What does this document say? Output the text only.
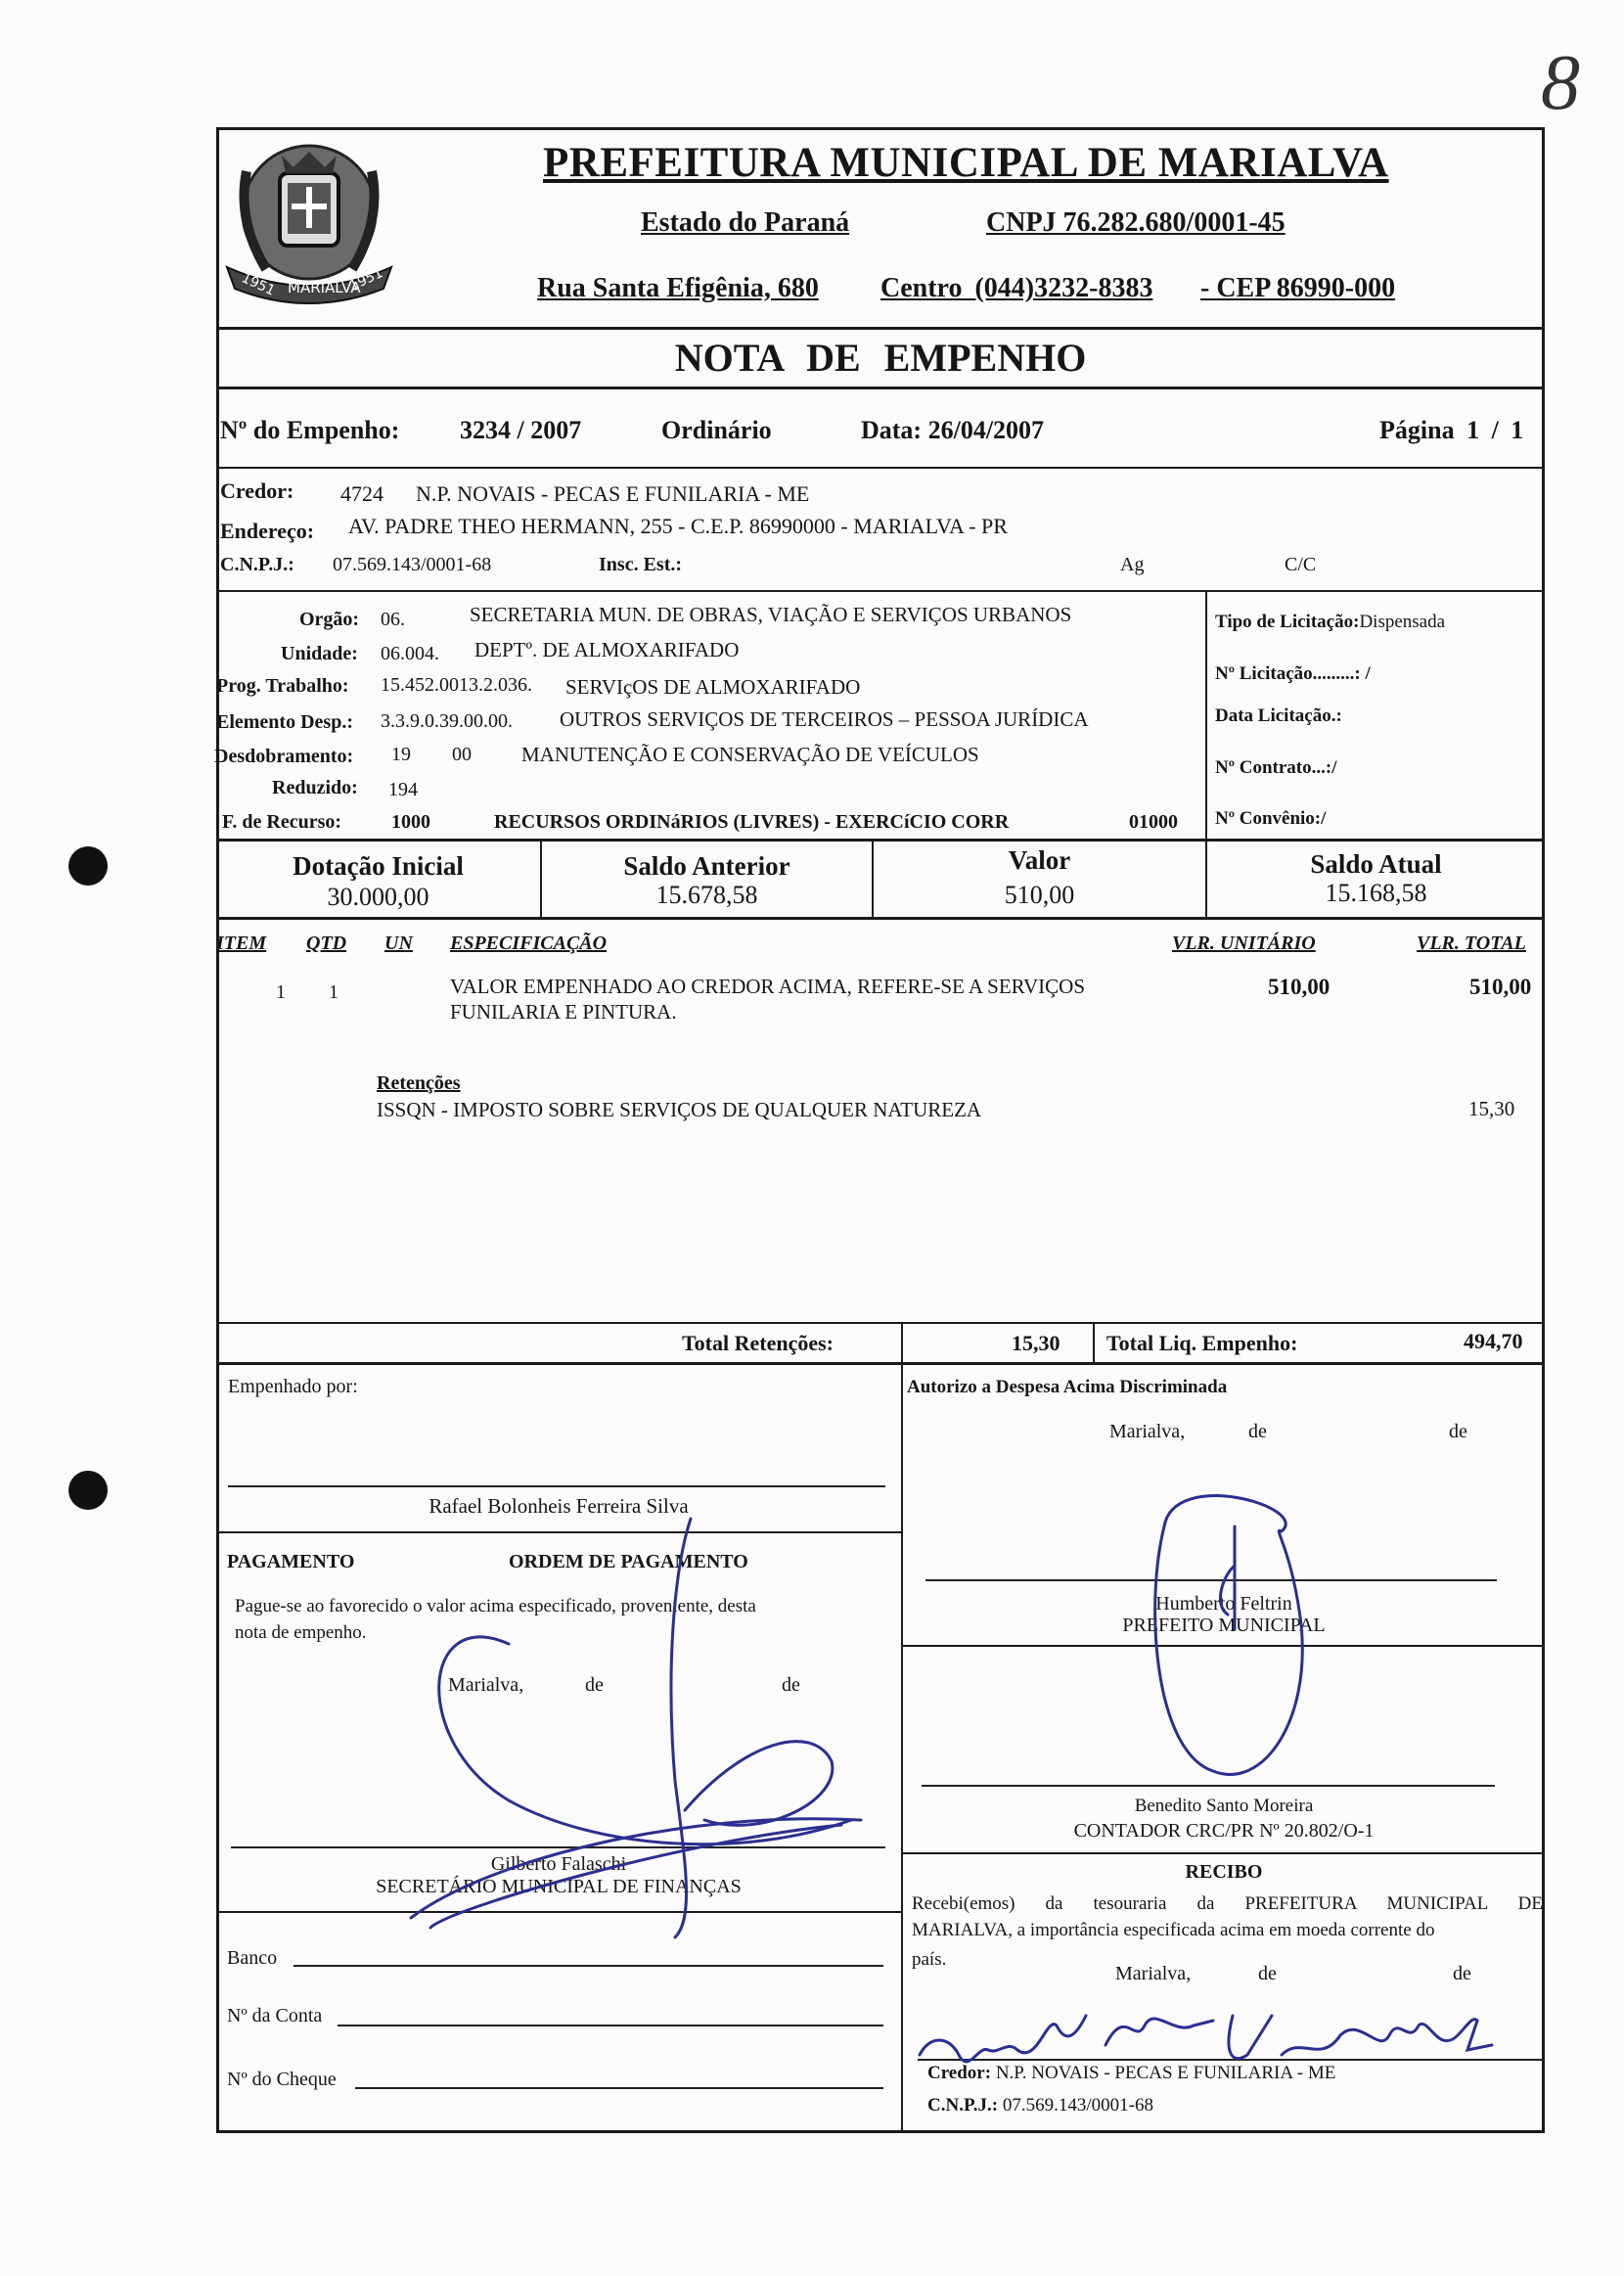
8
1951 MARIALVA
1951
PREFEITURA MUNICIPAL DE MARIALVA
Estado do Paraná	CNPJ 76.282.680/0001-45
Rua Santa Efigênia, 680 Centro (044)3232-8383 - CEP 86990-000
NOTA DE EMPENHO
Nº do Empenho: 3234 / 2007	Ordinário	Data: 26/04/2007	Página 1 / 1
Credor: 4724 N.P. NOVAIS - PECAS E FUNILARIA - ME
Endereço: AV. PADRE THEO HERMANN, 255 - C.E.P. 86990000 - MARIALVA - PR
C.N.P.J.: 07.569.143/0001-68	Insc. Est.:	Ag	C/C
Orgão: 06.	SECRETARIA MUN. DE OBRAS, VIAÇÃO E SERVIÇOS URBANOS
Unidade: 06.004. DEPTº. DE ALMOXARIFADO
Prog. Trabalho: 15.452.0013.2.036. SERVIçOS DE ALMOXARIFADO
Elemento Desp.: 3.3.9.0.39.00.00. OUTROS SERVIÇOS DE TERCEIROS – PESSOA JURÍDICA
Desdobramento: 19 00 MANUTENÇÃO E CONSERVAÇÃO DE VEÍCULOS
Reduzido: 194
F. de Recurso:	1000	RECURSOS ORDINáRIOS (LIVRES) - EXERCíCIO CORR	01000
Tipo de Licitação:Dispensada
Nº Licitação.........: /
Data Licitação.:
Nº Contrato...:/
Nº Convênio:/
Dotação Inicial
30.000,00
Saldo Anterior
15.678,58
Valor
510,00
Saldo Atual
15.168,58
ITEM QTD UN ESPECIFICAÇÃO	VLR. UNITÁRIO	VLR. TOTAL
1 1	VALOR EMPENHADO AO CREDOR ACIMA, REFERE-SE A SERVIÇOS
FUNILARIA E PINTURA.
510,00	510,00
Retenções
ISSQN - IMPOSTO SOBRE SERVIÇOS DE QUALQUER NATUREZA	15,30
Total Retenções:	15,30 Total Liq. Empenho:	494,70
Empenhado por:
Rafael Bolonheis Ferreira Silva
Autorizo a Despesa Acima Discriminada
Marialva,	de	de
Humberto Feltrin
PREFEITO MUNICIPAL
PAGAMENTO	ORDEM DE PAGAMENTO
Pague-se ao favorecido o valor acima especificado, proveniente, desta
nota de empenho.
Marialva,	de	de
Gilberto Falaschi
SECRETÁRIO MUNICIPAL DE FINANÇAS
Benedito Santo Moreira
CONTADOR CRC/PR Nº 20.802/O-1
Banco
Nº da Conta
Nº do Cheque
RECIBO
Recebi(emos) da tesouraria da PREFEITURA MUNICIPAL DE
MARIALVA, a importância especificada acima em moeda corrente do
país.
Marialva,	de	de
Credor: N.P. NOVAIS - PECAS E FUNILARIA - ME
C.N.P.J.: 07.569.143/0001-68
